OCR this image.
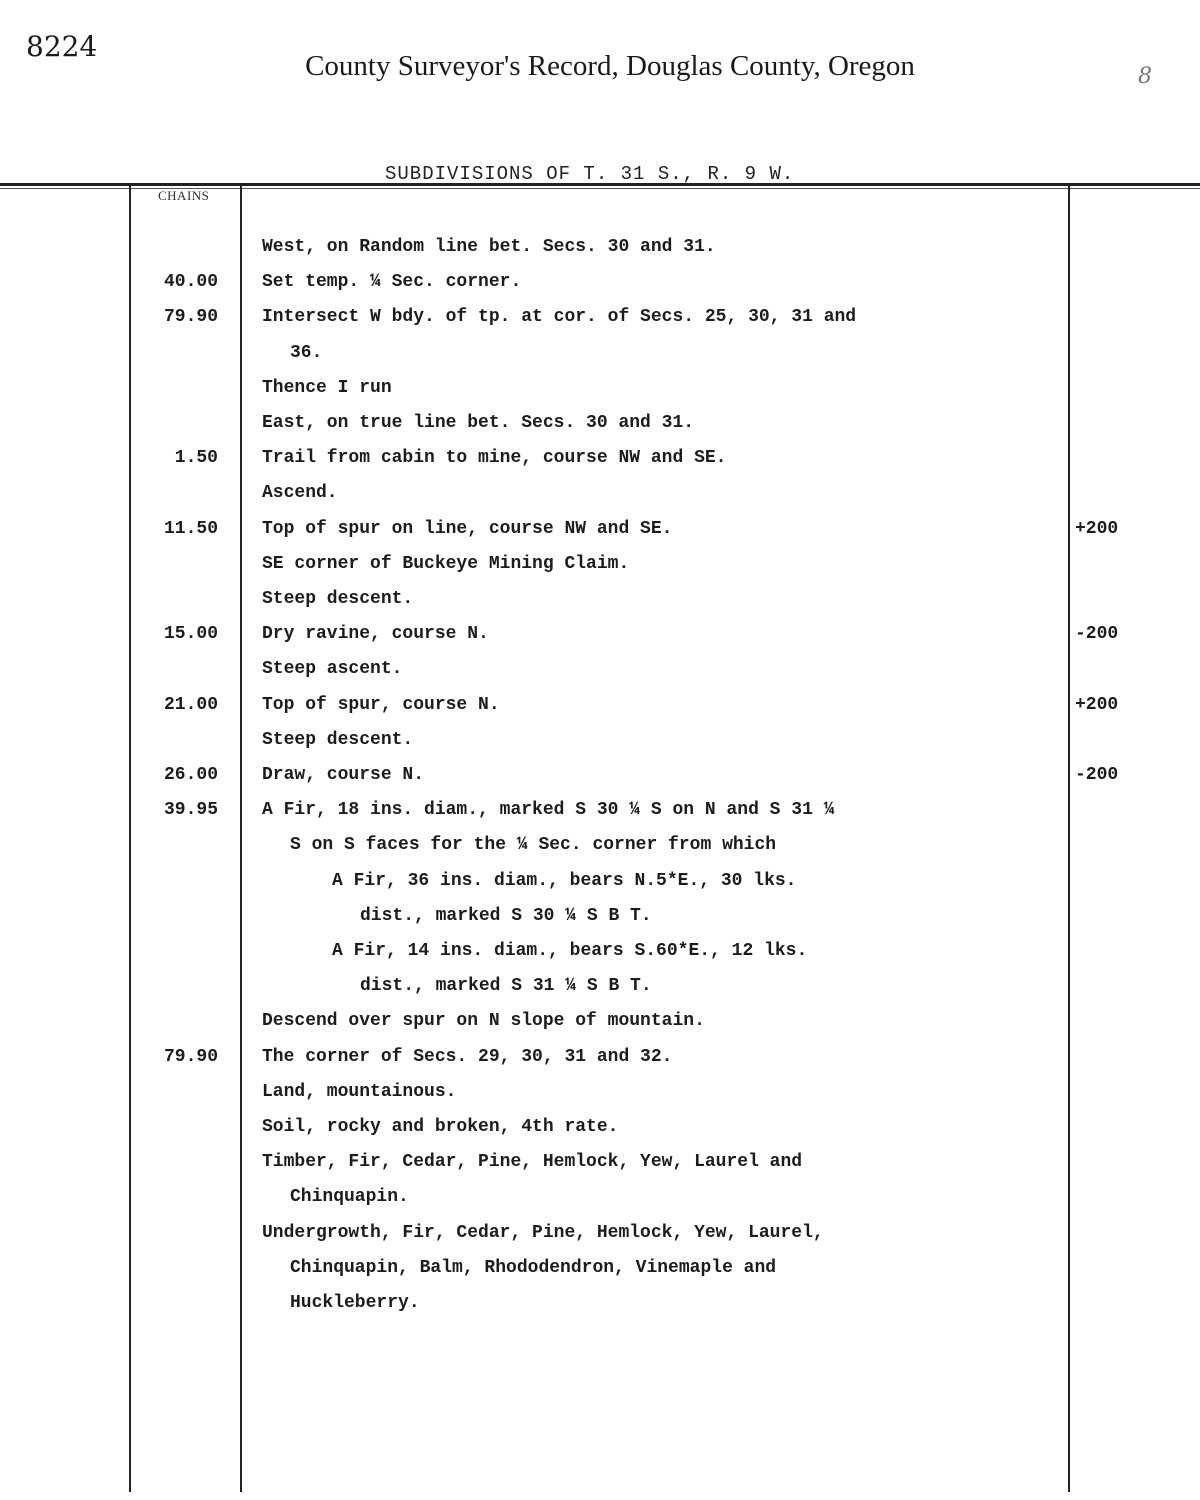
8224
County Surveyor's Record, Douglas County, Oregon	8
SUBDIVISIONS OF T. 31 S., R. 9 W.
CHAINS
West, on Random line bet. Secs. 30 and 31.
40.00 Set temp. ¼ Sec. corner.
79.90 Intersect W bdy. of tp. at cor. of Secs. 25, 30, 31 and
36.
Thence I run
East, on true line bet. Secs. 30 and 31.
1.50 Trail from cabin to mine, course NW and SE.
Ascend.
11.50 Top of spur on line, course NW and SE.	+200
SE corner of Buckeye Mining Claim.
Steep descent.
15.00 Dry ravine, course N.	-200
Steep ascent.
21.00 Top of spur, course N.	+200
Steep descent.
26.00 Draw, course N.	-200
39.95 A Fir, 18 ins. diam., marked S 30 ¼ S on N and S 31 ¼
S on S faces for the ¼ Sec. corner from which
A Fir, 36 ins. diam., bears N.5*E., 30 lks.
dist., marked S 30 ¼ S B T.
A Fir, 14 ins. diam., bears S.60*E., 12 lks.
dist., marked S 31 ¼ S B T.
Descend over spur on N slope of mountain.
79.90 The corner of Secs. 29, 30, 31 and 32.
Land, mountainous.
Soil, rocky and broken, 4th rate.
Timber, Fir, Cedar, Pine, Hemlock, Yew, Laurel and
Chinquapin.
Undergrowth, Fir, Cedar, Pine, Hemlock, Yew, Laurel,
Chinquapin, Balm, Rhododendron, Vinemaple and
Huckleberry.
